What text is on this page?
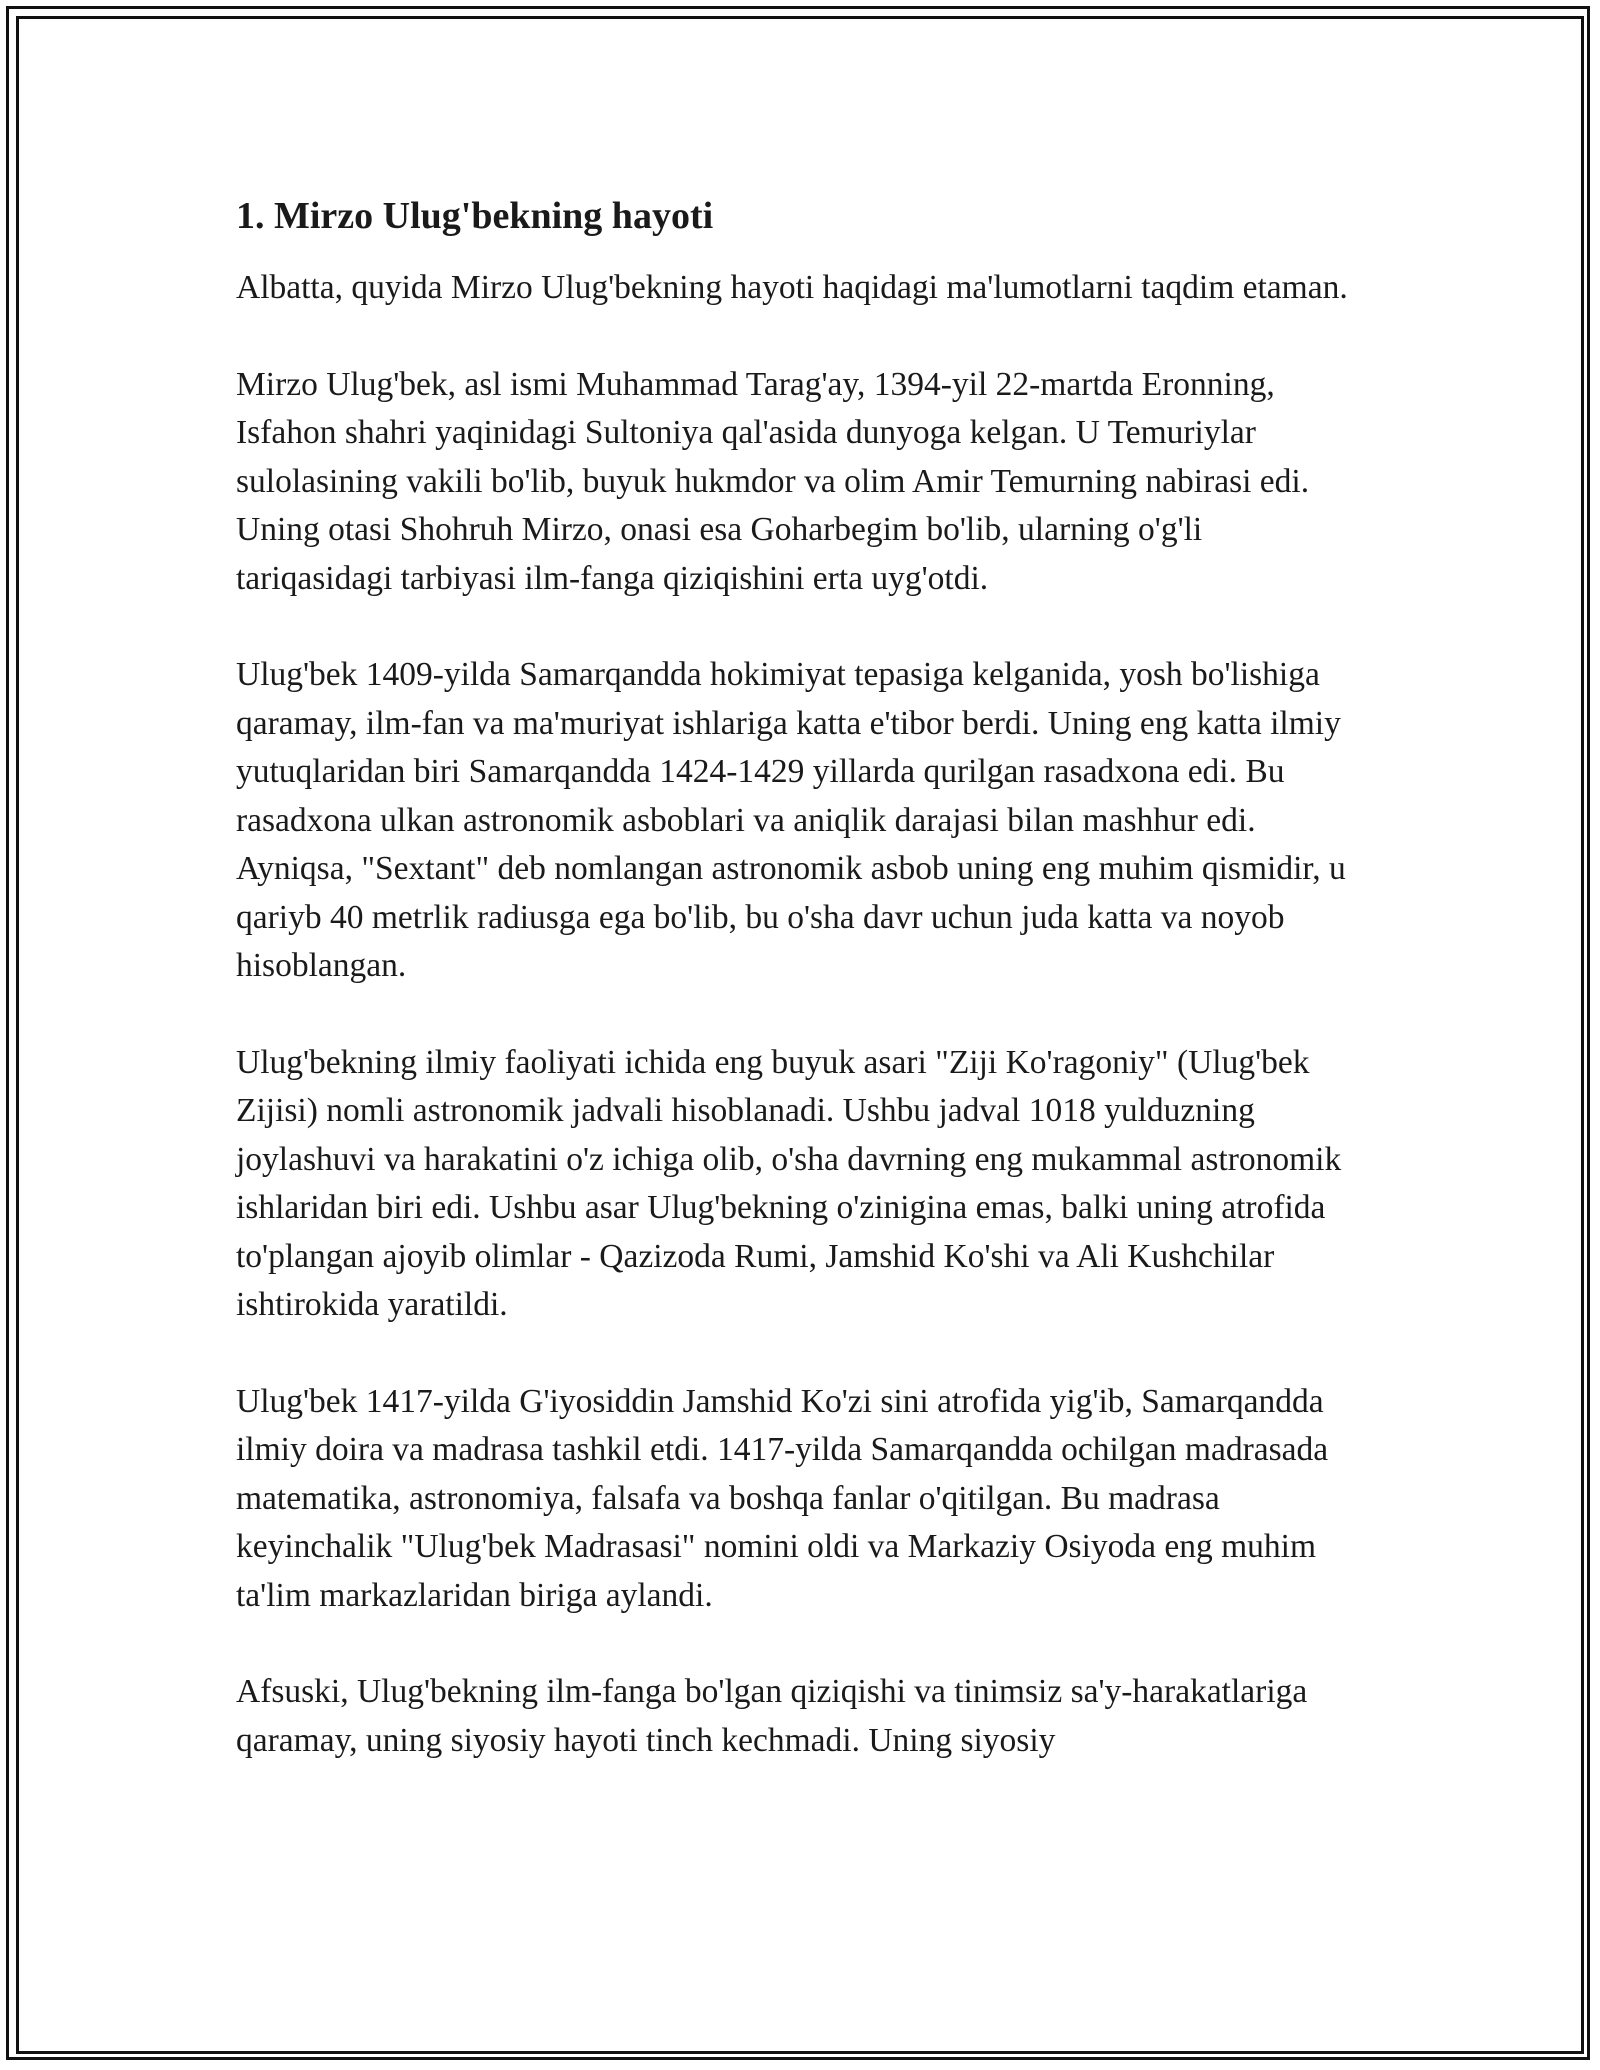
1. Mirzo Ulug'bekning hayoti

Albatta, quyida Mirzo Ulug'bekning hayoti haqidagi ma'lumotlarni taqdim etaman.

Mirzo Ulug'bek, asl ismi Muhammad Tarag'ay, 1394-yil 22-martda Eronning, Isfahon shahri yaqinidagi Sultoniya qal'asida dunyoga kelgan. U Temuriylar sulolasining vakili bo'lib, buyuk hukmdor va olim Amir Temurning nabirasi edi. Uning otasi Shohruh Mirzo, onasi esa Goharbegim bo'lib, ularning o'g'li tariqasidagi tarbiyasi ilm-fanga qiziqishini erta uyg'otdi.

Ulug'bek 1409-yilda Samarqandda hokimiyat tepasiga kelganida, yosh bo'lishiga qaramay, ilm-fan va ma'muriyat ishlariga katta e'tibor berdi. Uning eng katta ilmiy yutuqlaridan biri Samarqandda 1424-1429 yillarda qurilgan rasadxona edi. Bu rasadxona ulkan astronomik asboblari va aniqlik darajasi bilan mashhur edi. Ayniqsa, "Sextant" deb nomlangan astronomik asbob uning eng muhim qismidir, u qariyb 40 metrlik radiusga ega bo'lib, bu o'sha davr uchun juda katta va noyob hisoblangan.

Ulug'bekning ilmiy faoliyati ichida eng buyuk asari "Ziji Ko'ragoniy" (Ulug'bek Zijisi) nomli astronomik jadvali hisoblanadi. Ushbu jadval 1018 yulduzning joylashuvi va harakatini o'z ichiga olib, o'sha davrning eng mukammal astronomik ishlaridan biri edi. Ushbu asar Ulug'bekning o'zinigina emas, balki uning atrofida to'plangan ajoyib olimlar - Qazizoda Rumi, Jamshid Ko'shi va Ali Kushchilar ishtirokida yaratildi.

Ulug'bek 1417-yilda G'iyosiddin Jamshid Ko'zi sini atrofida yig'ib, Samarqandda ilmiy doira va madrasa tashkil etdi. 1417-yilda Samarqandda ochilgan madrasada matematika, astronomiya, falsafa va boshqa fanlar o'qitilgan. Bu madrasa keyinchalik "Ulug'bek Madrasasi" nomini oldi va Markaziy Osiyoda eng muhim ta'lim markazlaridan biriga aylandi.

Afsuski, Ulug'bekning ilm-fanga bo'lgan qiziqishi va tinimsiz sa'y-harakatlariga qaramay, uning siyosiy hayoti tinch kechmadi. Uning siyosiy
